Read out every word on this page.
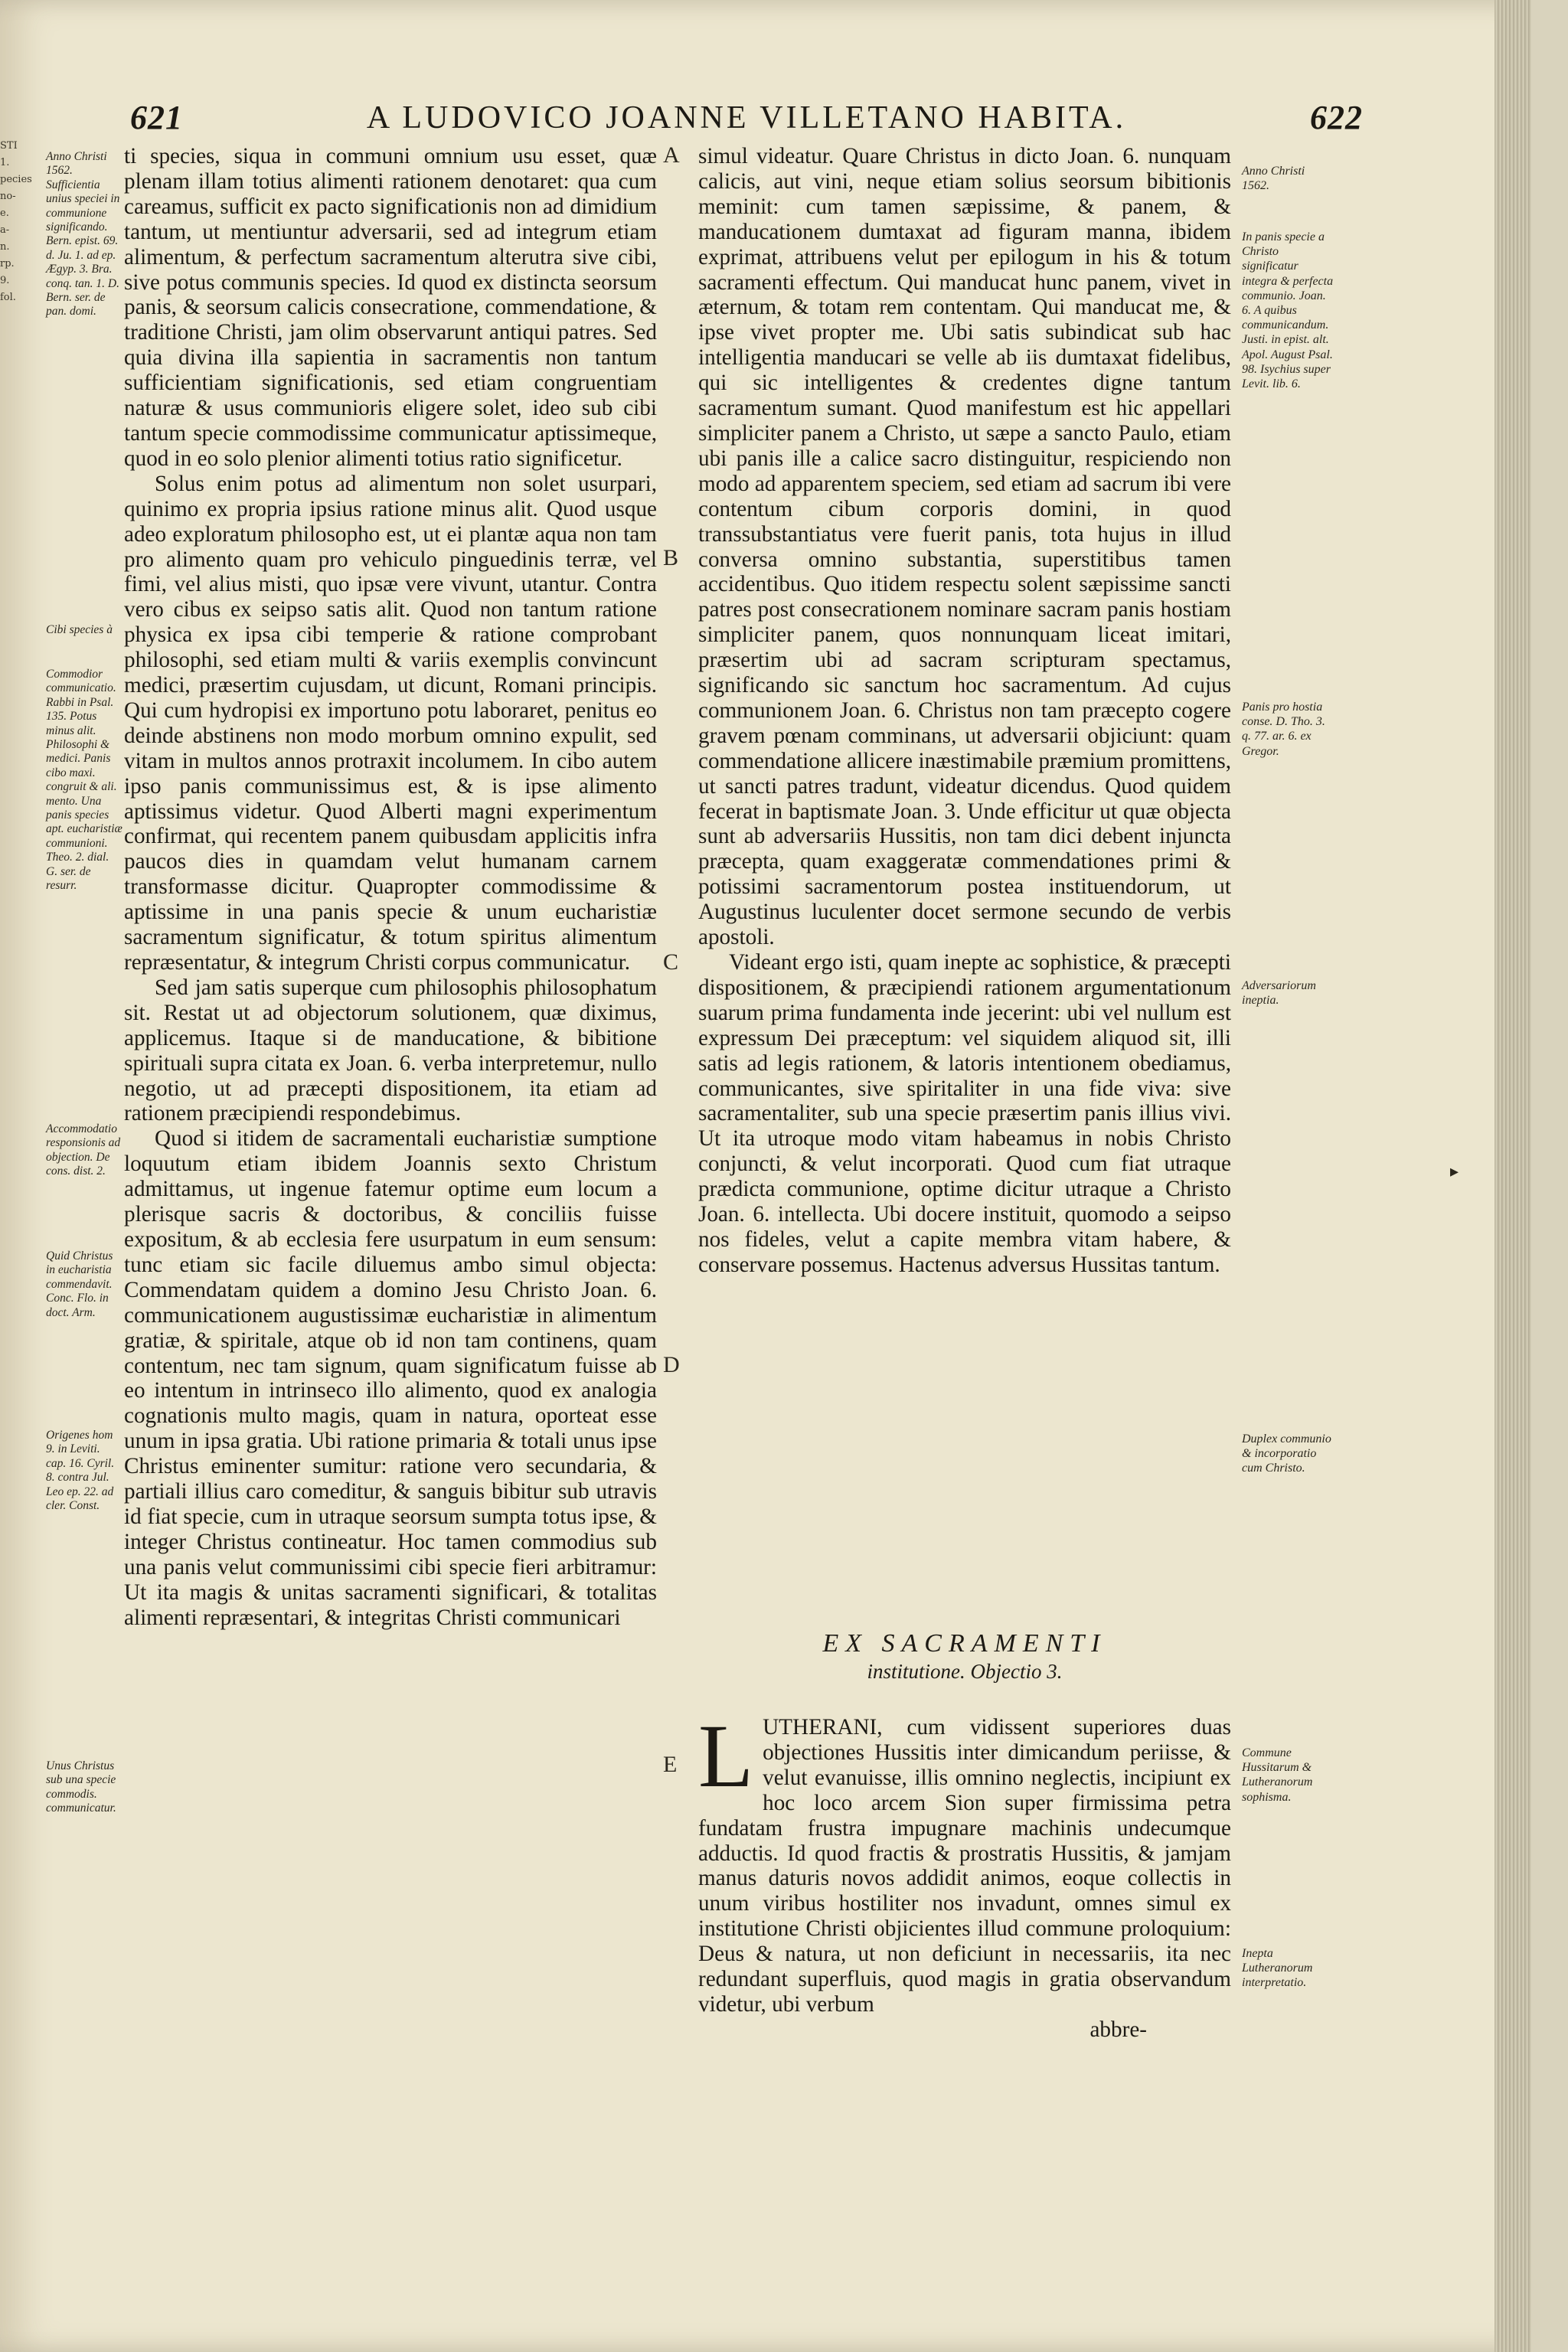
STI
1.
pecies
no-
e.
a-
n.
rp.
9.
fol.
621	A LUDOVICO JOANNE VILLETANO HABITA.	622

Anno Christi 1562. Sufficientia unius speciei in communione significando. Bern. epist. 69. d. Ju. 1. ad ep. Ægyp. 3. Bra. conq. tan. 1. D. Bern. ser. de pan. domi.

Cibi species à

Commodior communicatio. Rabbi in Psal. 135. Potus minus alit. Philosophi & medici. Panis cibo maxi. congruit & ali. mento. Una panis species apt. eucharistiæ communioni. Theo. 2. dial. G. ser. de resurr.

Accommodatio responsionis ad objection. De cons. dist. 2.

Quid Christus in eucharistia commendavit. Conc. Flo. in doct. Arm.

Origenes hom 9. in Leviti. cap. 16. Cyril. 8. contra Jul. Leo ep. 22. ad cler. Const.

Unus Christus sub una specie commodis. communicatur.

A
B
C
D
E

ti species, siqua in communi omnium usu esset, quæ plenam illam totius alimenti rationem denotaret: qua cum careamus, sufficit ex pacto significationis non ad dimidium tantum, ut mentiuntur adversarii, sed ad integrum etiam alimentum, & perfectum sacramentum alterutra sive cibi, sive potus communis species. Id quod ex distincta seorsum panis, & seorsum calicis consecratione, commendatione, & traditione Christi, jam olim observarunt antiqui patres. Sed quia divina illa sapientia in sacramentis non tantum sufficientiam significationis, sed etiam congruentiam naturæ & usus communioris eligere solet, ideo sub cibi tantum specie commodissime communicatur aptissimeque, quod in eo solo plenior alimenti totius ratio significetur.

Solus enim potus ad alimentum non solet usurpari, quinimo ex propria ipsius ratione minus alit. Quod usque adeo exploratum philosopho est, ut ei plantæ aqua non tam pro alimento quam pro vehiculo pinguedinis terræ, vel fimi, vel alius misti, quo ipsæ vere vivunt, utantur. Contra vero cibus ex seipso satis alit. Quod non tantum ratione physica ex ipsa cibi temperie & ratione comprobant philosophi, sed etiam multi & variis exemplis convincunt medici, præsertim cujusdam, ut dicunt, Romani principis. Qui cum hydropisi ex importuno potu laboraret, penitus eo deinde abstinens non modo morbum omnino expulit, sed vitam in multos annos protraxit incolumem. In cibo autem ipso panis communissimus est, & is ipse alimento aptissimus videtur. Quod Alberti magni experimentum confirmat, qui recentem panem quibusdam applicitis infra paucos dies in quamdam velut humanam carnem transformasse dicitur. Quapropter commodissime & aptissime in una panis specie & unum eucharistiæ sacramentum significatur, & totum spiritus alimentum repræsentatur, & integrum Christi corpus communicatur.

Sed jam satis superque cum philosophis philosophatum sit. Restat ut ad objectorum solutionem, quæ diximus, applicemus. Itaque si de manducatione, & bibitione spirituali supra citata ex Joan. 6. verba interpretemur, nullo negotio, ut ad præcepti dispositionem, ita etiam ad rationem præcipiendi respondebimus.

Quod si itidem de sacramentali eucharistiæ sumptione loquutum etiam ibidem Joannis sexto Christum admittamus, ut ingenue fatemur optime eum locum a plerisque sacris & doctoribus, & conciliis fuisse expositum, & ab ecclesia fere usurpatum in eum sensum: tunc etiam sic facile diluemus ambo simul objecta: Commendatam quidem a domino Jesu Christo Joan. 6. communicationem augustissimæ eucharistiæ in alimentum gratiæ, & spiritale, atque ob id non tam continens, quam contentum, nec tam signum, quam significatum fuisse ab eo intentum in intrinseco illo alimento, quod ex analogia cognationis multo magis, quam in natura, oporteat esse unum in ipsa gratia. Ubi ratione primaria & totali unus ipse Christus eminenter sumitur: ratione vero secundaria, & partiali illius caro comeditur, & sanguis bibitur sub utravis id fiat specie, cum in utraque seorsum sumpta totus ipse, & integer Christus contineatur. Hoc tamen commodius sub una panis velut communissimi cibi specie fieri arbitramur: Ut ita magis & unitas sacramenti significari, & totalitas alimenti repræsentari, & integritas Christi communicari

simul videatur. Quare Christus in dicto Joan. 6. nunquam calicis, aut vini, neque etiam solius seorsum bibitionis meminit: cum tamen sæpissime, & panem, & manducationem dumtaxat ad figuram manna, ibidem exprimat, attribuens velut per epilogum in his & totum sacramenti effectum. Qui manducat hunc panem, vivet in æternum, & totam rem contentam. Qui manducat me, & ipse vivet propter me. Ubi satis subindicat sub hac intelligentia manducari se velle ab iis dumtaxat fidelibus, qui sic intelligentes & credentes digne tantum sacramentum sumant. Quod manifestum est hic appellari simpliciter panem a Christo, ut sæpe a sancto Paulo, etiam ubi panis ille a calice sacro distinguitur, respiciendo non modo ad apparentem speciem, sed etiam ad sacrum ibi vere contentum cibum corporis domini, in quod transsubstantiatus vere fuerit panis, tota hujus in illud conversa omnino substantia, superstitibus tamen accidentibus. Quo itidem respectu solent sæpissime sancti patres post consecrationem nominare sacram panis hostiam simpliciter panem, quos nonnunquam liceat imitari, præsertim ubi ad sacram scripturam spectamus, significando sic sanctum hoc sacramentum. Ad cujus communionem Joan. 6. Christus non tam præcepto cogere gravem pœnam comminans, ut adversarii objiciunt: quam commendatione allicere inæstimabile præmium promittens, ut sancti patres tradunt, videatur dicendus. Quod quidem fecerat in baptismate Joan. 3. Unde efficitur ut quæ objecta sunt ab adversariis Hussitis, non tam dici debent injuncta præcepta, quam exaggeratæ commendationes primi & potissimi sacramentorum postea instituendorum, ut Augustinus luculenter docet sermone secundo de verbis apostoli.

Videant ergo isti, quam inepte ac sophistice, & præcepti dispositionem, & præcipiendi rationem argumentationum suarum prima fundamenta inde jecerint: ubi vel nullum est expressum Dei præceptum: vel siquidem aliquod sit, illi satis ad legis rationem, & latoris intentionem obediamus, communicantes, sive spiritaliter in una fide viva: sive sacramentaliter, sub una specie præsertim panis illius vivi. Ut ita utroque modo vitam habeamus in nobis Christo conjuncti, & velut incorporati. Quod cum fiat utraque prædicta communione, optime dicitur utraque a Christo Joan. 6. intellecta. Ubi docere instituit, quomodo a seipso nos fideles, velut a capite membra vitam habere, & conservare possemus. Hactenus adversus Hussitas tantum.

EX SACRAMENTI
institutione. Objectio 3.
L UTHERANI, cum vidissent superiores duas objectiones Hussitis inter dimicandum periisse, & velut evanuisse, illis omnino neglectis, incipiunt ex hoc loco arcem Sion super firmissima petra fundatam frustra impugnare machinis undecumque adductis. Id quod fractis & prostratis Hussitis, & jamjam manus daturis novos addidit animos, eoque collectis in unum viribus hostiliter nos invadunt, omnes simul ex institutione Christi objicientes illud commune proloquium: Deus & natura, ut non deficiunt in necessariis, ita nec redundant superfluis, quod magis in gratia observandum videtur, ubi verbum

abbre-

Anno Christi 1562.

In panis specie a Christo significatur integra & perfecta communio. Joan. 6. A quibus communicandum. Justi. in epist. alt. Apol. August Psal. 98. Isychius super Levit. lib. 6.

Panis pro hostia conse. D. Tho. 3. q. 77. ar. 6. ex Gregor.

Adversariorum ineptia.

Duplex communio & incorporatio cum Christo.

Commune Hussitarum & Lutheranorum sophisma.

Inepta Lutheranorum interpretatio.

▸
